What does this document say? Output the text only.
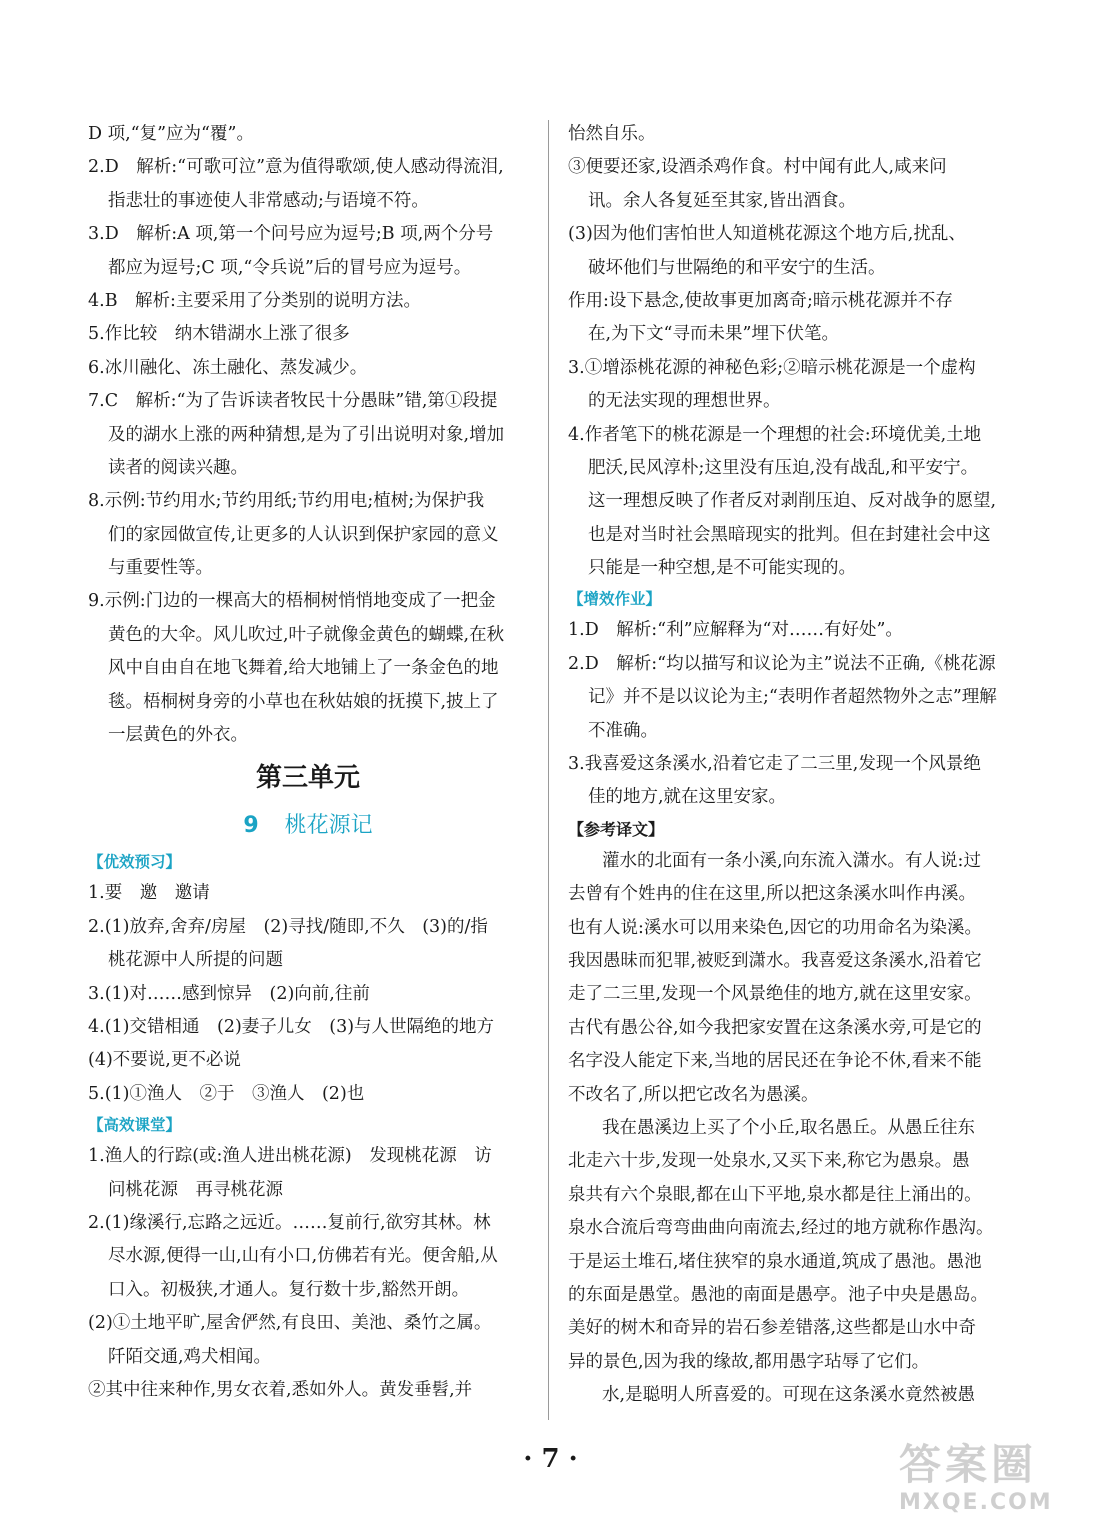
D 项,“复”应为“覆”。
2.D　解析:“可歌可泣”意为值得歌颂,使人感动得流泪,
指悲壮的事迹使人非常感动;与语境不符。
3.D　解析:A 项,第一个问号应为逗号;B 项,两个分号
都应为逗号;C 项,“令兵说”后的冒号应为逗号。
4.B　解析:主要采用了分类别的说明方法。
5.作比较　纳木错湖水上涨了很多
6.冰川融化、冻土融化、蒸发减少。
7.C　解析:“为了告诉读者牧民十分愚昧”错,第①段提
及的湖水上涨的两种猜想,是为了引出说明对象,增加
读者的阅读兴趣。
8.示例:节约用水;节约用纸;节约用电;植树;为保护我
们的家园做宣传,让更多的人认识到保护家园的意义
与重要性等。
9.示例:门边的一棵高大的梧桐树悄悄地变成了一把金
黄色的大伞。风儿吹过,叶子就像金黄色的蝴蝶,在秋
风中自由自在地飞舞着,给大地铺上了一条金色的地
毯。梧桐树身旁的小草也在秋姑娘的抚摸下,披上了
一层黄色的外衣。
第三单元
9 桃花源记
【优效预习】
1.要　邀　邀请
2.(1)放弃,舍弃/房屋　(2)寻找/随即,不久　(3)的/指
桃花源中人所提的问题
3.(1)对……感到惊异　(2)向前,往前
4.(1)交错相通　(2)妻子儿女　(3)与人世隔绝的地方
(4)不要说,更不必说
5.(1)①渔人　②于　③渔人　(2)也
【高效课堂】
1.渔人的行踪(或:渔人进出桃花源)　发现桃花源　访
问桃花源　再寻桃花源
2.(1)缘溪行,忘路之远近。……复前行,欲穷其林。林
尽水源,便得一山,山有小口,仿佛若有光。便舍船,从
口入。初极狭,才通人。复行数十步,豁然开朗。
(2)①土地平旷,屋舍俨然,有良田、美池、桑竹之属。
阡陌交通,鸡犬相闻。
②其中往来种作,男女衣着,悉如外人。黄发垂髫,并
怡然自乐。
③便要还家,设酒杀鸡作食。村中闻有此人,咸来问
讯。余人各复延至其家,皆出酒食。
(3)因为他们害怕世人知道桃花源这个地方后,扰乱、
破坏他们与世隔绝的和平安宁的生活。
作用:设下悬念,使故事更加离奇;暗示桃花源并不存
在,为下文“寻而未果”埋下伏笔。
3.①增添桃花源的神秘色彩;②暗示桃花源是一个虚构
的无法实现的理想世界。
4.作者笔下的桃花源是一个理想的社会:环境优美,土地
肥沃,民风淳朴;这里没有压迫,没有战乱,和平安宁。
这一理想反映了作者反对剥削压迫、反对战争的愿望,
也是对当时社会黑暗现实的批判。但在封建社会中这
只能是一种空想,是不可能实现的。
【增效作业】
1.D　解析:“利”应解释为“对……有好处”。
2.D　解析:“均以描写和议论为主”说法不正确,《桃花源
记》并不是以议论为主;“表明作者超然物外之志”理解
不准确。
3.我喜爱这条溪水,沿着它走了二三里,发现一个风景绝
佳的地方,就在这里安家。
【参考译文】
灌水的北面有一条小溪,向东流入潇水。有人说:过
去曾有个姓冉的住在这里,所以把这条溪水叫作冉溪。
也有人说:溪水可以用来染色,因它的功用命名为染溪。
我因愚昧而犯罪,被贬到潇水。我喜爱这条溪水,沿着它
走了二三里,发现一个风景绝佳的地方,就在这里安家。
古代有愚公谷,如今我把家安置在这条溪水旁,可是它的
名字没人能定下来,当地的居民还在争论不休,看来不能
不改名了,所以把它改名为愚溪。
我在愚溪边上买了个小丘,取名愚丘。从愚丘往东
北走六十步,发现一处泉水,又买下来,称它为愚泉。愚
泉共有六个泉眼,都在山下平地,泉水都是往上涌出的。
泉水合流后弯弯曲曲向南流去,经过的地方就称作愚沟。
于是运土堆石,堵住狭窄的泉水通道,筑成了愚池。愚池
的东面是愚堂。愚池的南面是愚亭。池子中央是愚岛。
美好的树木和奇异的岩石参差错落,这些都是山水中奇
异的景色,因为我的缘故,都用愚字玷辱了它们。
水,是聪明人所喜爱的。可现在这条溪水竟然被愚
· 7 ·	答案圈
MXQE.COM
